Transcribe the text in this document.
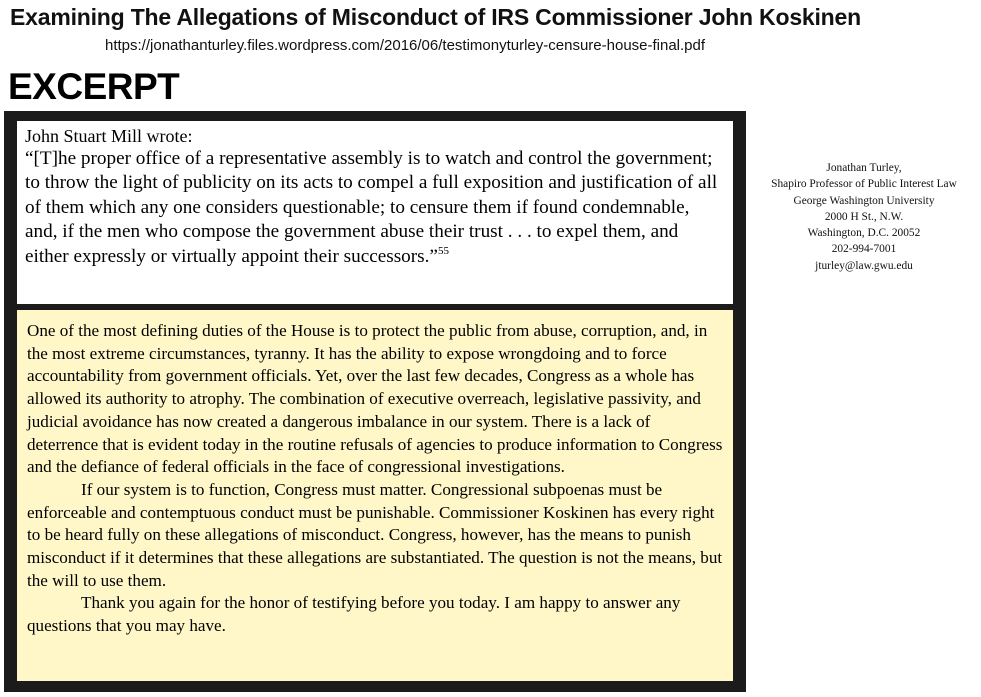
Examining The Allegations of Misconduct of IRS Commissioner John Koskinen
https://jonathanturley.files.wordpress.com/2016/06/testimonyturley-censure-house-final.pdf
EXCERPT
John Stuart Mill wrote:
“[T]he proper office of a representative assembly is to watch and control the government; to throw the light of publicity on its acts to compel a full exposition and justification of all of them which any one considers questionable; to censure them if found condemnable, and, if the men who compose the government abuse their trust . . . to expel them, and either expressly or virtually appoint their successors.”$^{55}$

One of the most defining duties of the House is to protect the public from abuse, corruption, and, in the most extreme circumstances, tyranny. It has the ability to expose wrongdoing and to force accountability from government officials. Yet, over the last few decades, Congress as a whole has allowed its authority to atrophy. The combination of executive overreach, legislative passivity, and judicial avoidance has now created a dangerous imbalance in our system. There is a lack of deterrence that is evident today in the routine refusals of agencies to produce information to Congress and the defiance of federal officials in the face of congressional investigations.

If our system is to function, Congress must matter. Congressional subpoenas must be enforceable and contemptuous conduct must be punishable. Commissioner Koskinen has every right to be heard fully on these allegations of misconduct. Congress, however, has the means to punish misconduct if it determines that these allegations are substantiated. The question is not the means, but the will to use them.

Thank you again for the honor of testifying before you today. I am happy to answer any questions that you may have.

Jonathan Turley,
Shapiro Professor of Public Interest Law
George Washington University
2000 H St., N.W.
Washington, D.C. 20052
202-994-7001
jturley@law.gwu.edu
